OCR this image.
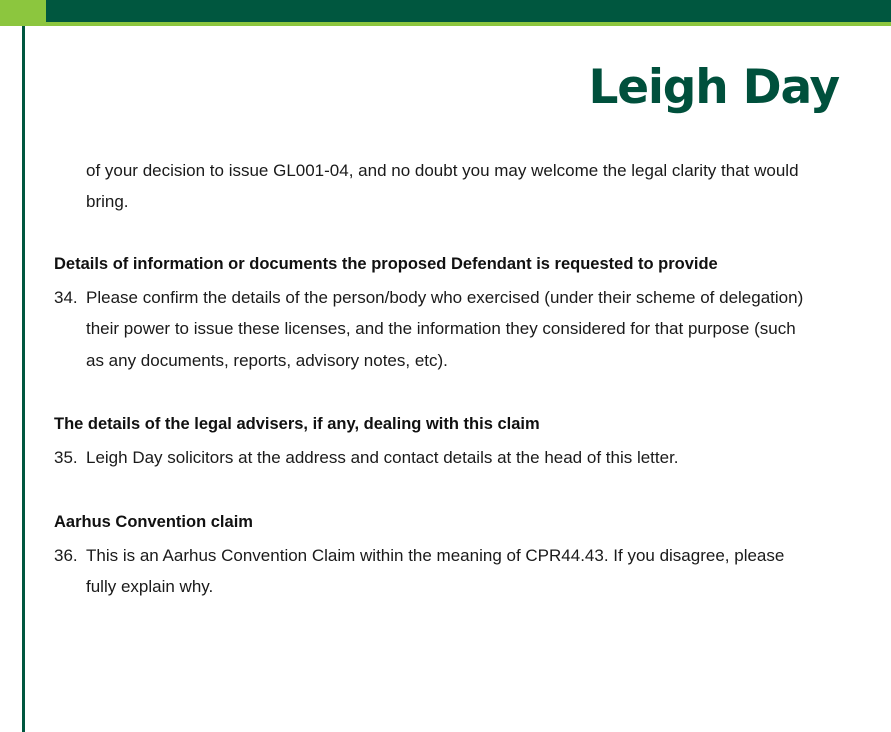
Leigh Day

of your decision to issue GL001-04, and no doubt you may welcome the legal clarity that would bring.

Details of information or documents the proposed Defendant is requested to provide
34. Please confirm the details of the person/body who exercised (under their scheme of delegation) their power to issue these licenses, and the information they considered for that purpose (such as any documents, reports, advisory notes, etc).
The details of the legal advisers, if any, dealing with this claim
35. Leigh Day solicitors at the address and contact details at the head of this letter.
Aarhus Convention claim
36. This is an Aarhus Convention Claim within the meaning of CPR44.43. If you disagree, please fully explain why.
